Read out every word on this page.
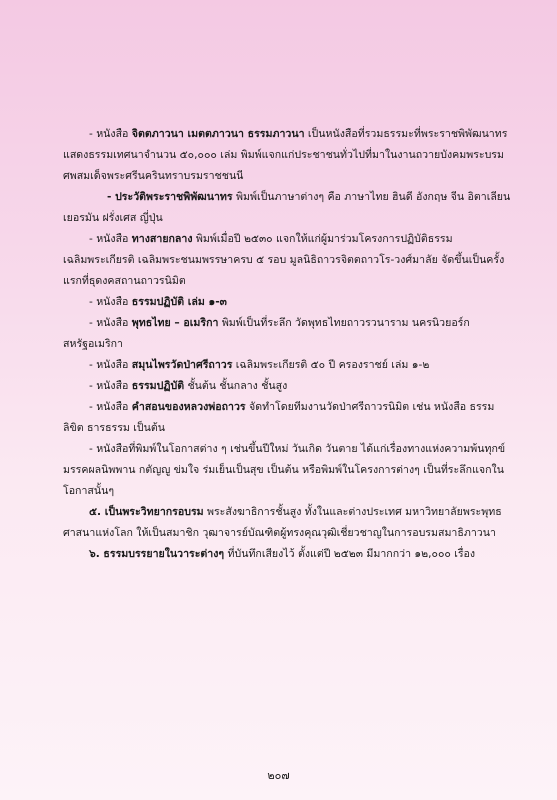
- หนังสือ จิตตภาวนา เมตตภาวนา ธรรมภาวนา เป็นหนังสือที่รวมธรรมะที่พระราชพิพัฒนาทร
แสดงธรรมเทศนาจำนวน ๕๐,๐๐๐ เล่ม พิมพ์แจกแก่ประชาชนทั่วไปที่มาในงานถวายบังคมพระบรม
ศพสมเด็จพระศรีนครินทราบรมราชชนนี

- ประวัติพระราชพิพัฒนาทร พิมพ์เป็นภาษาต่างๆ คือ ภาษาไทย ฮินดี อังกฤษ จีน อิตาเลียน
เยอรมัน ฝรั่งเศส ญี่ปุ่น

- หนังสือ ทางสายกลาง พิมพ์เมื่อปี ๒๕๓๐ แจกให้แก่ผู้มาร่วมโครงการปฏิบัติธรรม
เฉลิมพระเกียรติ เฉลิมพระชนมพรรษาครบ ๕ รอบ มูลนิธิถาวรจิตตถาวโร-วงศ์มาลัย จัดขึ้นเป็นครั้ง
แรกที่ธุดงคสถานถาวรนิมิต

- หนังสือ ธรรมปฏิบัติ เล่ม ๑-๓

- หนังสือ พุทธไทย – อเมริกา พิมพ์เป็นที่ระลึก วัดพุทธไทยถาวรวนาราม นครนิวยอร์ก
สหรัฐอเมริกา

- หนังสือ สมุนไพรวัดป่าศรีถาวร เฉลิมพระเกียรติ ๕๐ ปี ครองราชย์ เล่ม ๑-๒

- หนังสือ ธรรมปฏิบัติ ชั้นต้น ชั้นกลาง ชั้นสูง

- หนังสือ คำสอนของหลวงพ่อถาวร จัดทำโดยทีมงานวัดป่าศรีถาวรนิมิต เช่น หนังสือ ธรรม
ลิขิต ธารธรรม เป็นต้น

- หนังสือที่พิมพ์ในโอกาสต่าง ๆ เช่นขึ้นปีใหม่ วันเกิด วันตาย ได้แก่เรื่องทางแห่งความพ้นทุกข์
มรรคผลนิพพาน กตัญญู ข่มใจ ร่มเย็นเป็นสุข เป็นต้น หรือพิมพ์ในโครงการต่างๆ เป็นที่ระลึกแจกใน
โอกาสนั้นๆ

๕. เป็นพระวิทยากรอบรม พระสังฆาธิการชั้นสูง ทั้งในและต่างประเทศ มหาวิทยาลัยพระพุทธ
ศาสนาแห่งโลก ให้เป็นสมาชิก วุฒาจารย์บัณฑิตผู้ทรงคุณวุฒิเชี่ยวชาญในการอบรมสมาธิภาวนา

๖. ธรรมบรรยายในวาระต่างๆ ที่บันทึกเสียงไว้ ตั้งแต่ปี ๒๕๒๓ มีมากกว่า ๑๒,๐๐๐ เรื่อง

๒๐๗
